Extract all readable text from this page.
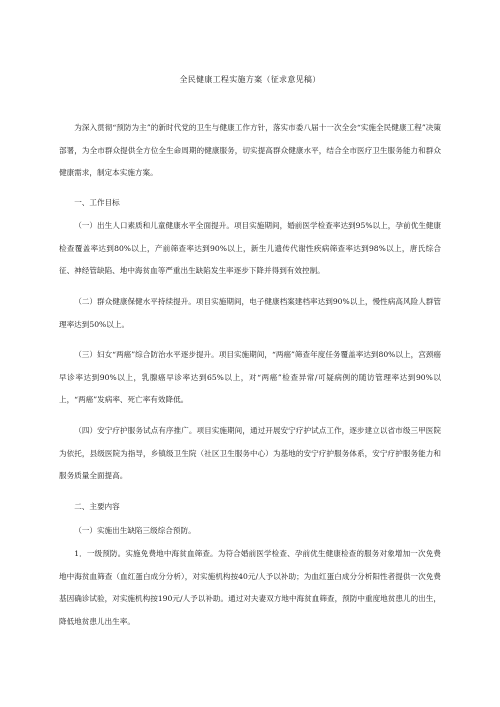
全民健康工程实施方案（征求意见稿）

为深入贯彻“预防为主”的新时代党的卫生与健康工作方针，落实市委八届十一次全会“实施全民健康工程”决策部署，为全市群众提供全方位全生命周期的健康服务，切实提高群众健康水平，结合全市医疗卫生服务能力和群众健康需求，制定本实施方案。

一、工作目标

（一）出生人口素质和儿童健康水平全面提升。项目实施期间，婚前医学检查率达到95%以上，孕前优生健康检查覆盖率达到80%以上，产前筛查率达到90%以上，新生儿遗传代谢性疾病筛查率达到98%以上，唐氏综合征、神经管缺陷、地中海贫血等严重出生缺陷发生率逐步下降并得到有效控制。

（二）群众健康保健水平持续提升。项目实施期间，电子健康档案建档率达到90%以上，慢性病高风险人群管理率达到50%以上。

（三）妇女“两癌”综合防治水平逐步提升。项目实施期间，“两癌”筛查年度任务覆盖率达到80%以上，宫颈癌早诊率达到90%以上，乳腺癌早诊率达到65%以上，对“两癌”检查异常/可疑病例的随访管理率达到90%以上，“两癌”发病率、死亡率有效降低。

（四）安宁疗护服务试点有序推广。项目实施期间，通过开展安宁疗护试点工作，逐步建立以省市级三甲医院为依托，县级医院为指导，乡镇级卫生院（社区卫生服务中心）为基地的安宁疗护服务体系，安宁疗护服务能力和服务质量全面提高。

二、主要内容

（一）实施出生缺陷三级综合预防。

1．一级预防。实施免费地中海贫血筛查。为符合婚前医学检查、孕前优生健康检查的服务对象增加一次免费地中海贫血筛查（血红蛋白成分分析），对实施机构按40元/人予以补助；为血红蛋白成分分析阳性者提供一次免费基因确诊试验，对实施机构按190元/人予以补助。通过对夫妻双方地中海贫血筛查，预防中重度地贫患儿的出生，降低地贫患儿出生率。
